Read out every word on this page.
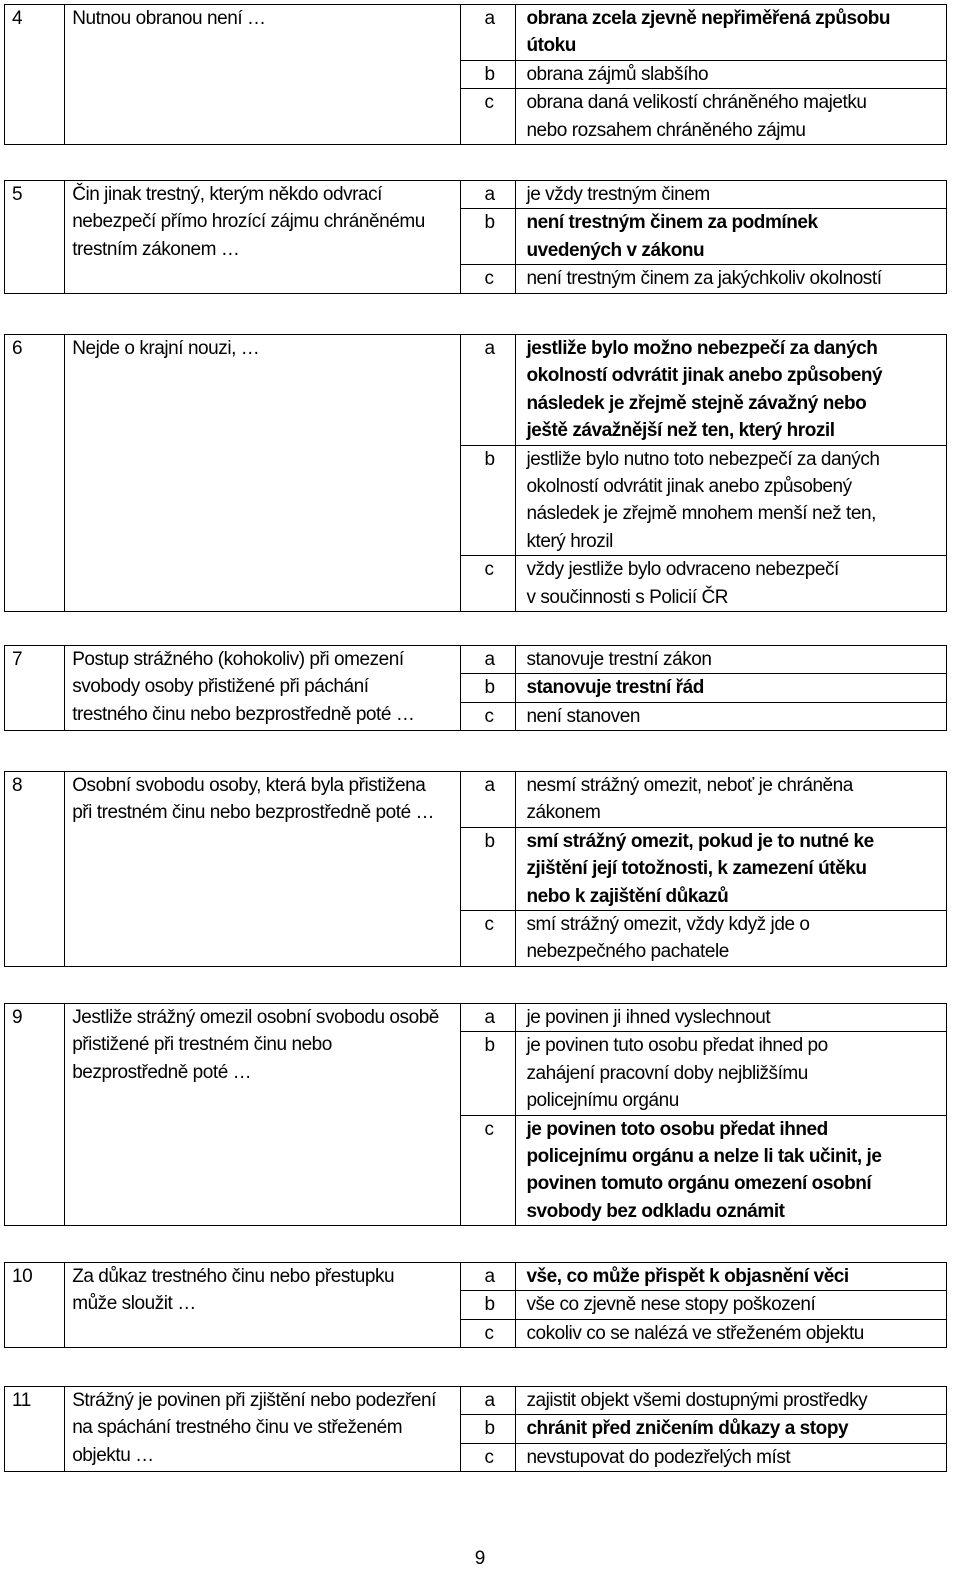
4	Nutnou obranou není …	a	obrana zcela zjevně nepřiměřená způsobu
útoku
b	obrana zájmů slabšího
c	obrana daná velikostí chráněného majetku
nebo rozsahem chráněného zájmu
5	Čin jinak trestný, kterým někdo odvrací
nebezpečí přímo hrozící zájmu chráněnému
trestním zákonem …

a	je vždy trestným činem
b	není trestným činem za podmínek
uvedených v zákonu
c	není trestným činem za jakýchkoliv okolností
6	Nejde o krajní nouzi, …	a	jestliže bylo možno nebezpečí za daných
okolností odvrátit jinak anebo způsobený
následek je zřejmě stejně závažný nebo
ještě závažnější než ten, který hrozil
b	jestliže bylo nutno toto nebezpečí za daných
okolností odvrátit jinak anebo způsobený
následek je zřejmě mnohem menší než ten,
který hrozil
c	vždy jestliže bylo odvraceno nebezpečí
v součinnosti s Policií ČR
7	Postup strážného (kohokoliv) při omezení
svobody osoby přistižené při páchání
trestného činu nebo bezprostředně poté …

a	stanovuje trestní zákon
b	stanovuje trestní řád
c	není stanoven
8	Osobní svobodu osoby, která byla přistižena
při trestném činu nebo bezprostředně poté …

a	nesmí strážný omezit, neboť je chráněna
zákonem
b	smí strážný omezit, pokud je to nutné ke
zjištění její totožnosti, k zamezení útěku
nebo k zajištění důkazů
c	smí strážný omezit, vždy když jde o
nebezpečného pachatele
9	Jestliže strážný omezil osobní svobodu osobě
přistižené při trestném činu nebo
bezprostředně poté …

a	je povinen ji ihned vyslechnout
b	je povinen tuto osobu předat ihned po
zahájení pracovní doby nejbližšímu
policejnímu orgánu
c	je povinen toto osobu předat ihned
policejnímu orgánu a nelze li tak učinit, je
povinen tomuto orgánu omezení osobní
svobody bez odkladu oznámit
10	Za důkaz trestného činu nebo přestupku
může sloužit …

a	vše, co může přispět k objasnění věci
b	vše co zjevně nese stopy poškození
c	cokoliv co se nalézá ve střeženém objektu
11	Strážný je povinen při zjištění nebo podezření
na spáchání trestného činu ve střeženém
objektu …

a	zajistit objekt všemi dostupnými prostředky
b	chránit před zničením důkazy a stopy
c	nevstupovat do podezřelých míst
9
